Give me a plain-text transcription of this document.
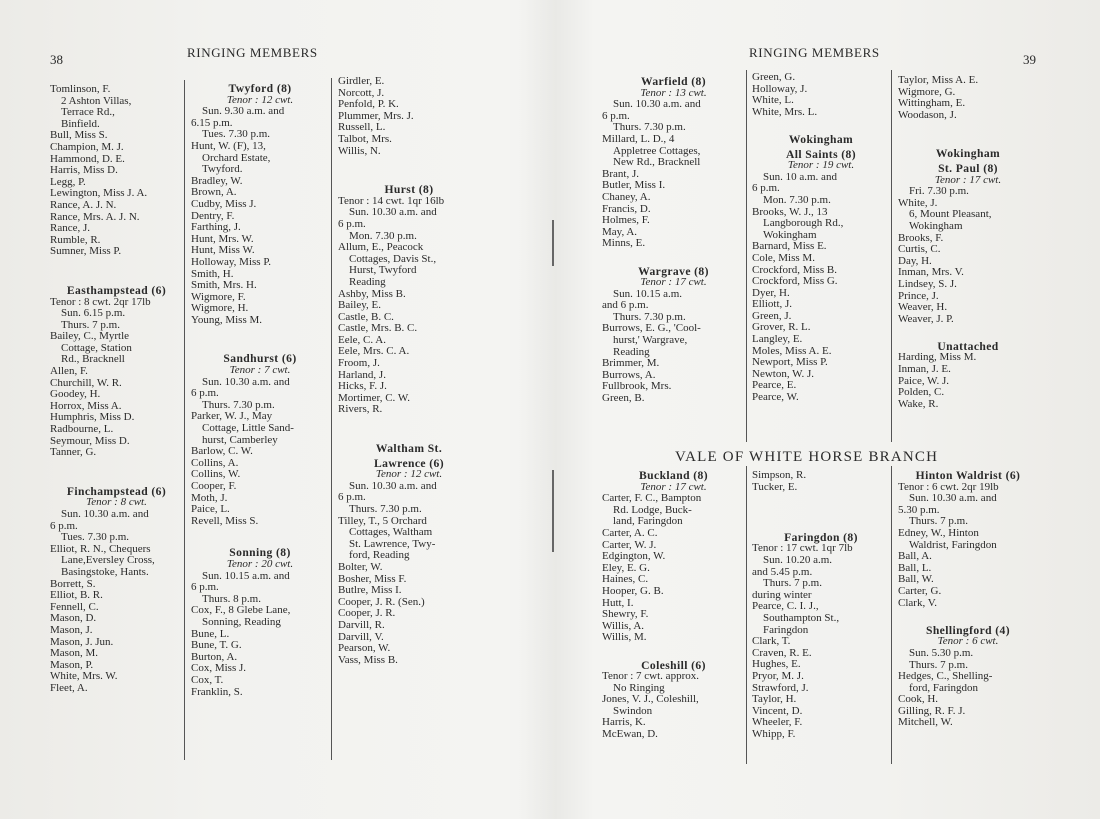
38	RINGING MEMBERS	RINGING MEMBERS	39
Tomlinson, F.
2 Ashton Villas,
Terrace Rd.,
Binfield.
Bull, Miss S.
Champion, M. J.
Hammond, D. E.
Harris, Miss D.
Legg, P.
Lewington, Miss J. A.
Rance, A. J. N.
Rance, Mrs. A. J. N.
Rance, J.
Rumble, R.
Sumner, Miss P.
Easthampstead (6)
Tenor : 8 cwt. 2qr 17lb
Sun. 6.15 p.m.
Thurs. 7 p.m.
Bailey, C., Myrtle
Cottage, Station
Rd., Bracknell
Allen, F.
Churchill, W. R.
Goodey, H.
Horrox, Miss A.
Humphris, Miss D.
Radbourne, L.
Seymour, Miss D.
Tanner, G.
Finchampstead (6)
Tenor : 8 cwt.
Sun. 10.30 a.m. and
6 p.m.
Tues. 7.30 p.m.
Elliot, R. N., Chequers
Lane,Eversley Cross,
Basingstoke, Hants.
Borrett, S.
Elliot, B. R.
Fennell, C.
Mason, D.
Mason, J.
Mason, J. Jun.
Mason, M.
Mason, P.
White, Mrs. W.
Fleet, A.
Twyford (8)
Tenor : 12 cwt.
Sun. 9.30 a.m. and
6.15 p.m.
Tues. 7.30 p.m.
Hunt, W. (F), 13,
Orchard Estate,
Twyford.
Bradley, W.
Brown, A.
Cudby, Miss J.
Dentry, F.
Farthing, J.
Hunt, Mrs. W.
Hunt, Miss W.
Holloway, Miss P.
Smith, H.
Smith, Mrs. H.
Wigmore, F.
Wigmore, H.
Young, Miss M.
Sandhurst (6)
Tenor : 7 cwt.
Sun. 10.30 a.m. and
6 p.m.
Thurs. 7.30 p.m.
Parker, W. J., May
Cottage, Little Sand-
hurst, Camberley
Barlow, C. W.
Collins, A.
Collins, W.
Cooper, F.
Moth, J.
Paice, L.
Revell, Miss S.
Sonning (8)
Tenor : 20 cwt.
Sun. 10.15 a.m. and
6 p.m.
Thurs. 8 p.m.
Cox, F., 8 Glebe Lane,
Sonning, Reading
Bune, L.
Bune, T. G.
Burton, A.
Cox, Miss J.
Cox, T.
Franklin, S.
Girdler, E.
Norcott, J.
Penfold, P. K.
Plummer, Mrs. J.
Russell, L.
Talbot, Mrs.
Willis, N.
Hurst (8)
Tenor : 14 cwt. 1qr 16lb
Sun. 10.30 a.m. and
6 p.m.
Mon. 7.30 p.m.
Allum, E., Peacock
Cottages, Davis St.,
Hurst, Twyford
Reading
Ashby, Miss B.
Bailey, E.
Castle, B. C.
Castle, Mrs. B. C.
Eele, C. A.
Eele, Mrs. C. A.
Froom, J.
Harland, J.
Hicks, F. J.
Mortimer, C. W.
Rivers, R.
Waltham St.
Lawrence (6)
Tenor : 12 cwt.
Sun. 10.30 a.m. and
6 p.m.
Thurs. 7.30 p.m.
Tilley, T., 5 Orchard
Cottages, Waltham
St. Lawrence, Twy-
ford, Reading
Bolter, W.
Bosher, Miss F.
Butlre, Miss I.
Cooper, J. R. (Sen.)
Cooper, J. R.
Darvill, R.
Darvill, V.
Pearson, W.
Vass, Miss B.
Warfield (8)
Tenor : 13 cwt.
Sun. 10.30 a.m. and
6 p.m.
Thurs. 7.30 p.m.
Millard, L. D., 4
Appletree Cottages,
New Rd., Bracknell
Brant, J.
Butler, Miss I.
Chaney, A.
Francis, D.
Holmes, F.
May, A.
Minns, E.
Wargrave (8)
Tenor : 17 cwt.
Sun. 10.15 a.m.
and 6 p.m.
Thurs. 7.30 p.m.
Burrows, E. G., 'Cool-
hurst,' Wargrave,
Reading
Brimmer, M.
Burrows, A.
Fullbrook, Mrs.
Green, B.
Green, G.
Holloway, J.
White, L.
White, Mrs. L.
Wokingham
All Saints (8)
Tenor : 19 cwt.
Sun. 10 a.m. and
6 p.m.
Mon. 7.30 p.m.
Brooks, W. J., 13
Langborough Rd.,
Wokingham
Barnard, Miss E.
Cole, Miss M.
Crockford, Miss B.
Crockford, Miss G.
Dyer, H.
Elliott, J.
Green, J.
Grover, R. L.
Langley, E.
Moles, Miss A. E.
Newport, Miss P.
Newton, W. J.
Pearce, E.
Pearce, W.
Taylor, Miss A. E.
Wigmore, G.
Wittingham, E.
Woodason, J.
Wokingham
St. Paul (8)
Tenor : 17 cwt.
Fri. 7.30 p.m.
White, J.
6, Mount Pleasant,
Wokingham
Brooks, F.
Curtis, C.
Day, H.
Inman, Mrs. V.
Lindsey, S. J.
Prince, J.
Weaver, H.
Weaver, J. P.
Unattached
Harding, Miss M.
Inman, J. E.
Paice, W. J.
Polden, C.
Wake, R.
VALE OF WHITE HORSE BRANCH
Buckland (8)
Tenor : 17 cwt.
Carter, F. C., Bampton
Rd. Lodge, Buck-
land, Faringdon
Carter, A. C.
Carter, W. J.
Edgington, W.
Eley, E. G.
Haines, C.
Hooper, G. B.
Hutt, I.
Shewry, F.
Willis, A.
Willis, M.
Coleshill (6)
Tenor : 7 cwt. approx.
No Ringing
Jones, V. J., Coleshill,
Swindon
Harris, K.
McEwan, D.
Simpson, R.
Tucker, E.
Faringdon (8)
Tenor : 17 cwt. 1qr 7lb
Sun. 10.20 a.m.
and 5.45 p.m.
Thurs. 7 p.m.
during winter
Pearce, C. I. J.,
Southampton St.,
Faringdon
Clark, T.
Craven, R. E.
Hughes, E.
Pryor, M. J.
Strawford, J.
Taylor, H.
Vincent, D.
Wheeler, F.
Whipp, F.
Hinton Waldrist (6)
Tenor : 6 cwt. 2qr 19lb
Sun. 10.30 a.m. and
5.30 p.m.
Thurs. 7 p.m.
Edney, W., Hinton
Waldrist, Faringdon
Ball, A.
Ball, L.
Ball, W.
Carter, G.
Clark, V.
Shellingford (4)
Tenor : 6 cwt.
Sun. 5.30 p.m.
Thurs. 7 p.m.
Hedges, C., Shelling-
ford, Faringdon
Cook, H.
Gilling, R. F. J.
Mitchell, W.
